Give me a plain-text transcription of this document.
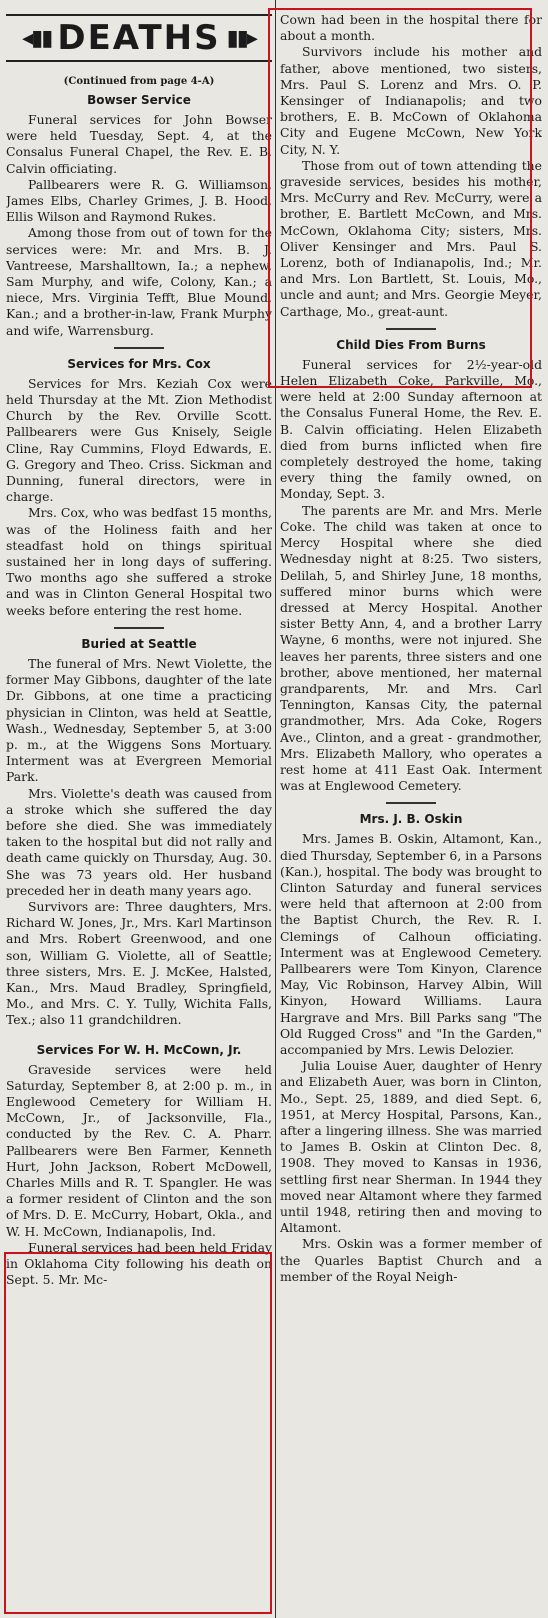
◂▮▮ DEATHS ▮▮▸
(Continued from page 4-A)
Bowser Service

Funeral services for John Bowser were held Tuesday, Sept. 4, at the Consalus Funeral Chapel, the Rev. E. B. Calvin officiating.

Pallbearers were R. G. Williamson, James Elbs, Charley Grimes, J. B. Hood, Ellis Wilson and Raymond Rukes.

Among those from out of town for the services were: Mr. and Mrs. B. J. Vantreese, Marshalltown, Ia.; a nephew, Sam Murphy, and wife, Colony, Kan.; a niece, Mrs. Virginia Tefft, Blue Mound, Kan.; and a brother-in-law, Frank Murphy and wife, Warrensburg.

Services for Mrs. Cox

Services for Mrs. Keziah Cox were held Thursday at the Mt. Zion Methodist Church by the Rev. Orville Scott. Pallbearers were Gus Knisely, Seigle Cline, Ray Cummins, Floyd Edwards, E. G. Gregory and Theo. Criss. Sickman and Dunning, funeral directors, were in charge.

Mrs. Cox, who was bedfast 15 months, was of the Holiness faith and her steadfast hold on things spiritual sustained her in long days of suffering. Two months ago she suffered a stroke and was in Clinton General Hospital two weeks before entering the rest home.

Buried at Seattle

The funeral of Mrs. Newt Violette, the former May Gibbons, daughter of the late Dr. Gibbons, at one time a practicing physician in Clinton, was held at Seattle, Wash., Wednesday, September 5, at 3:00 p. m., at the Wiggens Sons Mortuary. Interment was at Evergreen Memorial Park.

Mrs. Violette's death was caused from a stroke which she suffered the day before she died. She was immediately taken to the hospital but did not rally and death came quickly on Thursday, Aug. 30. She was 73 years old. Her husband preceded her in death many years ago.

Survivors are: Three daughters, Mrs. Richard W. Jones, Jr., Mrs. Karl Martinson and Mrs. Robert Greenwood, and one son, William G. Violette, all of Seattle; three sisters, Mrs. E. J. McKee, Halsted, Kan., Mrs. Maud Bradley, Springfield, Mo., and Mrs. C. Y. Tully, Wichita Falls, Tex.; also 11 grandchildren.

Services For W. H. McCown, Jr.

Graveside services were held Saturday, September 8, at 2:00 p. m., in Englewood Cemetery for William H. McCown, Jr., of Jacksonville, Fla., conducted by the Rev. C. A. Pharr. Pallbearers were Ben Farmer, Kenneth Hurt, John Jackson, Robert McDowell, Charles Mills and R. T. Spangler. He was a former resident of Clinton and the son of Mrs. D. E. McCurry, Hobart, Okla., and W. H. McCown, Indianapolis, Ind.

Funeral services had been held Friday in Oklahoma City following his death on Sept. 5. Mr. Mc-

Cown had been in the hospital there for about a month.

Survivors include his mother and father, above mentioned, two sisters, Mrs. Paul S. Lorenz and Mrs. O. P. Kensinger of Indianapolis; and two brothers, E. B. McCown of Oklahoma City and Eugene McCown, New York City, N. Y.

Those from out of town attending the graveside services, besides his mother, Mrs. McCurry and Rev. McCurry, were a brother, E. Bartlett McCown, and Mrs. McCown, Oklahoma City; sisters, Mrs. Oliver Kensinger and Mrs. Paul S. Lorenz, both of Indianapolis, Ind.; Mr. and Mrs. Lon Bartlett, St. Louis, Mo., uncle and aunt; and Mrs. Georgie Meyer, Carthage, Mo., great-aunt.

Child Dies From Burns

Funeral services for 2½-year-old Helen Elizabeth Coke, Parkville, Mo., were held at 2:00 Sunday afternoon at the Consalus Funeral Home, the Rev. E. B. Calvin officiating. Helen Elizabeth died from burns inflicted when fire completely destroyed the home, taking every thing the family owned, on Monday, Sept. 3.

The parents are Mr. and Mrs. Merle Coke. The child was taken at once to Mercy Hospital where she died Wednesday night at 8:25. Two sisters, Delilah, 5, and Shirley June, 18 months, suffered minor burns which were dressed at Mercy Hospital. Another sister Betty Ann, 4, and a brother Larry Wayne, 6 months, were not injured. She leaves her parents, three sisters and one brother, above mentioned, her maternal grandparents, Mr. and Mrs. Carl Tennington, Kansas City, the paternal grandmother, Mrs. Ada Coke, Rogers Ave., Clinton, and a great - grandmother, Mrs. Elizabeth Mallory, who operates a rest home at 411 East Oak. Interment was at Englewood Cemetery.

Mrs. J. B. Oskin

Mrs. James B. Oskin, Altamont, Kan., died Thursday, September 6, in a Parsons (Kan.), hospital. The body was brought to Clinton Saturday and funeral services were held that afternoon at 2:00 from the Baptist Church, the Rev. R. I. Clemings of Calhoun officiating. Interment was at Englewood Cemetery. Pallbearers were Tom Kinyon, Clarence May, Vic Robinson, Harvey Albin, Will Kinyon, Howard Williams. Laura Hargrave and Mrs. Bill Parks sang "The Old Rugged Cross" and "In the Garden," accompanied by Mrs. Lewis Delozier.

Julia Louise Auer, daughter of Henry and Elizabeth Auer, was born in Clinton, Mo., Sept. 25, 1889, and died Sept. 6, 1951, at Mercy Hospital, Parsons, Kan., after a lingering illness. She was married to James B. Oskin at Clinton Dec. 8, 1908. They moved to Kansas in 1936, settling first near Sherman. In 1944 they moved near Altamont where they farmed until 1948, retiring then and moving to Altamont.

Mrs. Oskin was a former member of the Quarles Baptist Church and a member of the Royal Neigh-
